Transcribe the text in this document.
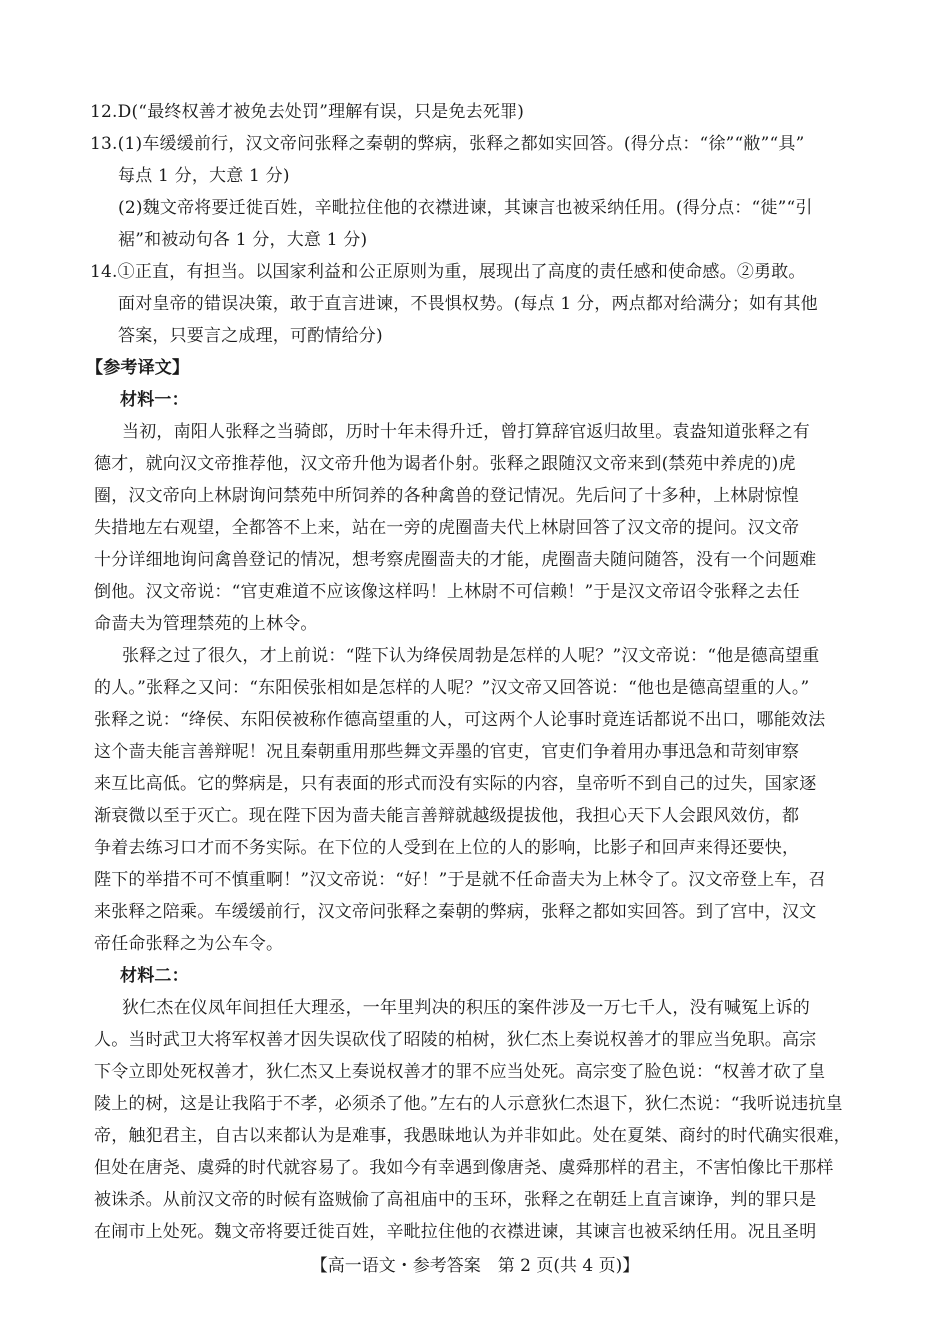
12.D(“最终权善才被免去处罚”理解有误，只是免去死罪)
13.(1)车缓缓前行，汉文帝问张释之秦朝的弊病，张释之都如实回答。(得分点：“徐”“敝”“具”
每点 1 分，大意 1 分)
(2)魏文帝将要迁徙百姓，辛毗拉住他的衣襟进谏，其谏言也被采纳任用。(得分点：“徙”“引
裾”和被动句各 1 分，大意 1 分)
14.①正直，有担当。以国家利益和公正原则为重，展现出了高度的责任感和使命感。②勇敢。
面对皇帝的错误决策，敢于直言进谏，不畏惧权势。(每点 1 分，两点都对给满分；如有其他
答案，只要言之成理，可酌情给分)
【参考译文】
材料一：
当初，南阳人张释之当骑郎，历时十年未得升迁，曾打算辞官返归故里。袁盎知道张释之有
德才，就向汉文帝推荐他，汉文帝升他为谒者仆射。张释之跟随汉文帝来到(禁苑中养虎的)虎
圈，汉文帝向上林尉询问禁苑中所饲养的各种禽兽的登记情况。先后问了十多种，上林尉惊惶
失措地左右观望，全都答不上来，站在一旁的虎圈啬夫代上林尉回答了汉文帝的提问。汉文帝
十分详细地询问禽兽登记的情况，想考察虎圈啬夫的才能，虎圈啬夫随问随答，没有一个问题难
倒他。汉文帝说：“官吏难道不应该像这样吗！上林尉不可信赖！”于是汉文帝诏令张释之去任
命啬夫为管理禁苑的上林令。
张释之过了很久，才上前说：“陛下认为绛侯周勃是怎样的人呢？”汉文帝说：“他是德高望重
的人。”张释之又问：“东阳侯张相如是怎样的人呢？”汉文帝又回答说：“他也是德高望重的人。”
张释之说：“绛侯、东阳侯被称作德高望重的人，可这两个人论事时竟连话都说不出口，哪能效法
这个啬夫能言善辩呢！况且秦朝重用那些舞文弄墨的官吏，官吏们争着用办事迅急和苛刻审察
来互比高低。它的弊病是，只有表面的形式而没有实际的内容，皇帝听不到自己的过失，国家逐
渐衰微以至于灭亡。现在陛下因为啬夫能言善辩就越级提拔他，我担心天下人会跟风效仿，都
争着去练习口才而不务实际。在下位的人受到在上位的人的影响，比影子和回声来得还要快，
陛下的举措不可不慎重啊！”汉文帝说：“好！”于是就不任命啬夫为上林令了。汉文帝登上车，召
来张释之陪乘。车缓缓前行，汉文帝问张释之秦朝的弊病，张释之都如实回答。到了宫中，汉文
帝任命张释之为公车令。
材料二：
狄仁杰在仪凤年间担任大理丞，一年里判决的积压的案件涉及一万七千人，没有喊冤上诉的
人。当时武卫大将军权善才因失误砍伐了昭陵的柏树，狄仁杰上奏说权善才的罪应当免职。高宗
下令立即处死权善才，狄仁杰又上奏说权善才的罪不应当处死。高宗变了脸色说：“权善才砍了皇
陵上的树，这是让我陷于不孝，必须杀了他。”左右的人示意狄仁杰退下，狄仁杰说：“我听说违抗皇
帝，触犯君主，自古以来都认为是难事，我愚昧地认为并非如此。处在夏桀、商纣的时代确实很难，
但处在唐尧、虞舜的时代就容易了。我如今有幸遇到像唐尧、虞舜那样的君主，不害怕像比干那样
被诛杀。从前汉文帝的时候有盗贼偷了高祖庙中的玉环，张释之在朝廷上直言谏诤，判的罪只是
在闹市上处死。魏文帝将要迁徙百姓，辛毗拉住他的衣襟进谏，其谏言也被采纳任用。况且圣明
【高一语文・参考答案　第 2 页(共 4 页)】
